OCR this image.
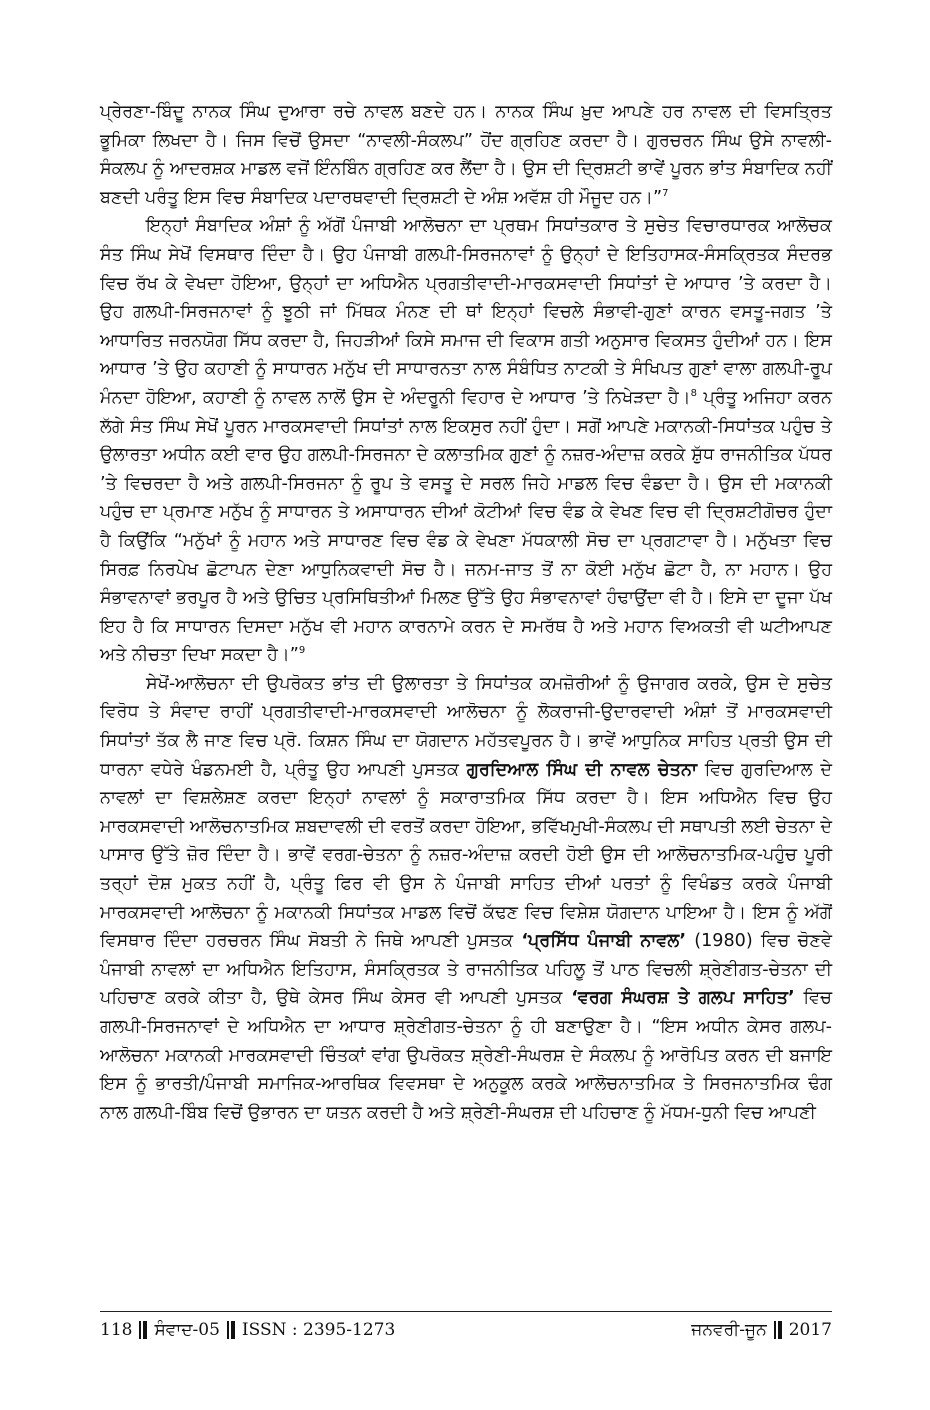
ਪ੍ਰੇਰਣਾ-ਬਿੰਦੂ ਨਾਨਕ ਸਿੰਘ ਦੁਆਰਾ ਰਚੇ ਨਾਵਲ ਬਣਦੇ ਹਨ। ਨਾਨਕ ਸਿੰਘ ਖ਼ੁਦ ਆਪਣੇ ਹਰ ਨਾਵਲ ਦੀ ਵਿਸਤ੍ਰਿਤ ਭੂਮਿਕਾ ਲਿਖਦਾ ਹੈ। ਜਿਸ ਵਿਚੋਂ ਉਸਦਾ “ਨਾਵਲੀ-ਸੰਕਲਪ” ਹੋਂਦ ਗ੍ਰਹਿਣ ਕਰਦਾ ਹੈ। ਗੁਰਚਰਨ ਸਿੰਘ ਉਸੇ ਨਾਵਲੀ-ਸੰਕਲਪ ਨੂੰ ਆਦਰਸ਼ਕ ਮਾਡਲ ਵਜੋਂ ਇੰਨਬਿੰਨ ਗ੍ਰਹਿਣ ਕਰ ਲੈਂਦਾ ਹੈ। ਉਸ ਦੀ ਦ੍ਰਿਸ਼ਟੀ ਭਾਵੇਂ ਪੂਰਨ ਭਾਂਤ ਸੰਬਾਦਿਕ ਨਹੀਂ ਬਣਦੀ ਪਰੰਤੂ ਇਸ ਵਿਚ ਸੰਬਾਦਿਕ ਪਦਾਰਥਵਾਦੀ ਦ੍ਰਿਸ਼ਟੀ ਦੇ ਅੰਸ਼ ਅਵੱਸ਼ ਹੀ ਮੌਜੂਦ ਹਨ।”$^7$

ਇਨ੍ਹਾਂ ਸੰਬਾਦਿਕ ਅੰਸ਼ਾਂ ਨੂੰ ਅੱਗੋਂ ਪੰਜਾਬੀ ਆਲੋਚਨਾ ਦਾ ਪ੍ਰਥਮ ਸਿਧਾਂਤਕਾਰ ਤੇ ਸੁਚੇਤ ਵਿਚਾਰਧਾਰਕ ਆਲੋਚਕ ਸੰਤ ਸਿੰਘ ਸੇਖੋਂ ਵਿਸਥਾਰ ਦਿੰਦਾ ਹੈ। ਉਹ ਪੰਜਾਬੀ ਗਲਪੀ-ਸਿਰਜਨਾਵਾਂ ਨੂੰ ਉਨ੍ਹਾਂ ਦੇ ਇਤਿਹਾਸਕ-ਸੰਸਕ੍ਰਿਤਕ ਸੰਦਰਭ ਵਿਚ ਰੱਖ ਕੇ ਵੇਖਦਾ ਹੋਇਆ, ਉਨ੍ਹਾਂ ਦਾ ਅਧਿਐਨ ਪ੍ਰਗਤੀਵਾਦੀ-ਮਾਰਕਸਵਾਦੀ ਸਿਧਾਂਤਾਂ ਦੇ ਆਧਾਰ ’ਤੇ ਕਰਦਾ ਹੈ। ਉਹ ਗਲਪੀ-ਸਿਰਜਨਾਵਾਂ ਨੂੰ ਝੂਠੀ ਜਾਂ ਮਿੱਥਕ ਮੰਨਣ ਦੀ ਥਾਂ ਇਨ੍ਹਾਂ ਵਿਚਲੇ ਸੰਭਾਵੀ-ਗੁਣਾਂ ਕਾਰਨ ਵਸਤੂ-ਜਗਤ ’ਤੇ ਆਧਾਰਿਤ ਜਰਨਯੋਗ ਸਿੱਧ ਕਰਦਾ ਹੈ, ਜਿਹੜੀਆਂ ਕਿਸੇ ਸਮਾਜ ਦੀ ਵਿਕਾਸ ਗਤੀ ਅਨੁਸਾਰ ਵਿਕਸਤ ਹੁੰਦੀਆਂ ਹਨ। ਇਸ ਆਧਾਰ ’ਤੇ ਉਹ ਕਹਾਣੀ ਨੂੰ ਸਾਧਾਰਨ ਮਨੁੱਖ ਦੀ ਸਾਧਾਰਨਤਾ ਨਾਲ ਸੰਬੰਧਿਤ ਨਾਟਕੀ ਤੇ ਸੰਖਿਪਤ ਗੁਣਾਂ ਵਾਲਾ ਗਲਪੀ-ਰੂਪ ਮੰਨਦਾ ਹੋਇਆ, ਕਹਾਣੀ ਨੂੰ ਨਾਵਲ ਨਾਲੋਂ ਉਸ ਦੇ ਅੰਦਰੂਨੀ ਵਿਹਾਰ ਦੇ ਆਧਾਰ ’ਤੇ ਨਿਖੇੜਦਾ ਹੈ।$^8$ ਪ੍ਰੰਤੂ ਅਜਿਹਾ ਕਰਨ ਲੱਗੇ ਸੰਤ ਸਿੰਘ ਸੇਖੋਂ ਪੂਰਨ ਮਾਰਕਸਵਾਦੀ ਸਿਧਾਂਤਾਂ ਨਾਲ ਇਕਸੁਰ ਨਹੀਂ ਹੁੰਦਾ। ਸਗੋਂ ਆਪਣੇ ਮਕਾਨਕੀ-ਸਿਧਾਂਤਕ ਪਹੁੰਚ ਤੇ ਉਲਾਰਤਾ ਅਧੀਨ ਕਈ ਵਾਰ ਉਹ ਗਲਪੀ-ਸਿਰਜਨਾ ਦੇ ਕਲਾਤਮਿਕ ਗੁਣਾਂ ਨੂੰ ਨਜ਼ਰ-ਅੰਦਾਜ਼ ਕਰਕੇ ਸ਼ੁੱਧ ਰਾਜਨੀਤਿਕ ਪੱਧਰ ’ਤੇ ਵਿਚਰਦਾ ਹੈ ਅਤੇ ਗਲਪੀ-ਸਿਰਜਨਾ ਨੂੰ ਰੂਪ ਤੇ ਵਸਤੂ ਦੇ ਸਰਲ ਜਿਹੇ ਮਾਡਲ ਵਿਚ ਵੰਡਦਾ ਹੈ। ਉਸ ਦੀ ਮਕਾਨਕੀ ਪਹੁੰਚ ਦਾ ਪ੍ਰਮਾਣ ਮਨੁੱਖ ਨੂੰ ਸਾਧਾਰਨ ਤੇ ਅਸਾਧਾਰਨ ਦੀਆਂ ਕੋਟੀਆਂ ਵਿਚ ਵੰਡ ਕੇ ਵੇਖਣ ਵਿਚ ਵੀ ਦ੍ਰਿਸ਼ਟੀਗੋਚਰ ਹੁੰਦਾ ਹੈ ਕਿਉਂਕਿ “ਮਨੁੱਖਾਂ ਨੂੰ ਮਹਾਨ ਅਤੇ ਸਾਧਾਰਣ ਵਿਚ ਵੰਡ ਕੇ ਵੇਖਣਾ ਮੱਧਕਾਲੀ ਸੋਚ ਦਾ ਪ੍ਰਗਟਾਵਾ ਹੈ। ਮਨੁੱਖਤਾ ਵਿਚ ਸਿਰਫ਼ ਨਿਰਪੇਖ ਛੋਟਾਪਨ ਦੇਣਾ ਆਧੁਨਿਕਵਾਦੀ ਸੋਚ ਹੈ। ਜਨਮ-ਜਾਤ ਤੋਂ ਨਾ ਕੋਈ ਮਨੁੱਖ ਛੋਟਾ ਹੈ, ਨਾ ਮਹਾਨ। ਉਹ ਸੰਭਾਵਨਾਵਾਂ ਭਰਪੂਰ ਹੈ ਅਤੇ ਉਚਿਤ ਪ੍ਰਸਿਥਿਤੀਆਂ ਮਿਲਣ ਉੱਤੇ ਉਹ ਸੰਭਾਵਨਾਵਾਂ ਹੰਢਾਉਂਦਾ ਵੀ ਹੈ। ਇਸੇ ਦਾ ਦੂਜਾ ਪੱਖ ਇਹ ਹੈ ਕਿ ਸਾਧਾਰਨ ਦਿਸਦਾ ਮਨੁੱਖ ਵੀ ਮਹਾਨ ਕਾਰਨਾਮੇ ਕਰਨ ਦੇ ਸਮਰੱਥ ਹੈ ਅਤੇ ਮਹਾਨ ਵਿਅਕਤੀ ਵੀ ਘਟੀਆਪਣ ਅਤੇ ਨੀਚਤਾ ਦਿਖਾ ਸਕਦਾ ਹੈ।”$^9$

ਸੇਖੋਂ-ਆਲੋਚਨਾ ਦੀ ਉਪਰੋਕਤ ਭਾਂਤ ਦੀ ਉਲਾਰਤਾ ਤੇ ਸਿਧਾਂਤਕ ਕਮਜ਼ੋਰੀਆਂ ਨੂੰ ਉਜਾਗਰ ਕਰਕੇ, ਉਸ ਦੇ ਸੁਚੇਤ ਵਿਰੋਧ ਤੇ ਸੰਵਾਦ ਰਾਹੀਂ ਪ੍ਰਗਤੀਵਾਦੀ-ਮਾਰਕਸਵਾਦੀ ਆਲੋਚਨਾ ਨੂੰ ਲੋਕਰਾਜੀ-ਉਦਾਰਵਾਦੀ ਅੰਸ਼ਾਂ ਤੋਂ ਮਾਰਕਸਵਾਦੀ ਸਿਧਾਂਤਾਂ ਤੱਕ ਲੈ ਜਾਣ ਵਿਚ ਪ੍ਰੋ. ਕਿਸ਼ਨ ਸਿੰਘ ਦਾ ਯੋਗਦਾਨ ਮਹੱਤਵਪੂਰਨ ਹੈ। ਭਾਵੇਂ ਆਧੁਨਿਕ ਸਾਹਿਤ ਪ੍ਰਤੀ ਉਸ ਦੀ ਧਾਰਨਾ ਵਧੇਰੇ ਖੰਡਨਮਈ ਹੈ, ਪ੍ਰੰਤੂ ਉਹ ਆਪਣੀ ਪੁਸਤਕ ਗੁਰਦਿਆਲ ਸਿੰਘ ਦੀ ਨਾਵਲ ਚੇਤਨਾ ਵਿਚ ਗੁਰਦਿਆਲ ਦੇ ਨਾਵਲਾਂ ਦਾ ਵਿਸ਼ਲੇਸ਼ਣ ਕਰਦਾ ਇਨ੍ਹਾਂ ਨਾਵਲਾਂ ਨੂੰ ਸਕਾਰਾਤਮਿਕ ਸਿੱਧ ਕਰਦਾ ਹੈ। ਇਸ ਅਧਿਐਨ ਵਿਚ ਉਹ ਮਾਰਕਸਵਾਦੀ ਆਲੋਚਨਾਤਮਿਕ ਸ਼ਬਦਾਵਲੀ ਦੀ ਵਰਤੋਂ ਕਰਦਾ ਹੋਇਆ, ਭਵਿੱਖਮੁਖੀ-ਸੰਕਲਪ ਦੀ ਸਥਾਪਤੀ ਲਈ ਚੇਤਨਾ ਦੇ ਪਾਸਾਰ ਉੱਤੇ ਜ਼ੋਰ ਦਿੰਦਾ ਹੈ। ਭਾਵੇਂ ਵਰਗ-ਚੇਤਨਾ ਨੂੰ ਨਜ਼ਰ-ਅੰਦਾਜ਼ ਕਰਦੀ ਹੋਈ ਉਸ ਦੀ ਆਲੋਚਨਾਤਮਿਕ-ਪਹੁੰਚ ਪੂਰੀ ਤਰ੍ਹਾਂ ਦੋਸ਼ ਮੁਕਤ ਨਹੀਂ ਹੈ, ਪ੍ਰੰਤੂ ਫਿਰ ਵੀ ਉਸ ਨੇ ਪੰਜਾਬੀ ਸਾਹਿਤ ਦੀਆਂ ਪਰਤਾਂ ਨੂੰ ਵਿਖੰਡਤ ਕਰਕੇ ਪੰਜਾਬੀ ਮਾਰਕਸਵਾਦੀ ਆਲੋਚਨਾ ਨੂੰ ਮਕਾਨਕੀ ਸਿਧਾਂਤਕ ਮਾਡਲ ਵਿਚੋਂ ਕੱਢਣ ਵਿਚ ਵਿਸ਼ੇਸ਼ ਯੋਗਦਾਨ ਪਾਇਆ ਹੈ। ਇਸ ਨੂੰ ਅੱਗੋਂ ਵਿਸਥਾਰ ਦਿੰਦਾ ਹਰਚਰਨ ਸਿੰਘ ਸੋਬਤੀ ਨੇ ਜਿਥੇ ਆਪਣੀ ਪੁਸਤਕ ‘ਪ੍ਰਸਿੱਧ ਪੰਜਾਬੀ ਨਾਵਲ’ (1980) ਵਿਚ ਚੋਣਵੇ ਪੰਜਾਬੀ ਨਾਵਲਾਂ ਦਾ ਅਧਿਐਨ ਇਤਿਹਾਸ, ਸੰਸਕ੍ਰਿਤਕ ਤੇ ਰਾਜਨੀਤਿਕ ਪਹਿਲੂ ਤੋਂ ਪਾਠ ਵਿਚਲੀ ਸ਼੍ਰੇਣੀਗਤ-ਚੇਤਨਾ ਦੀ ਪਹਿਚਾਣ ਕਰਕੇ ਕੀਤਾ ਹੈ, ਉਥੇ ਕੇਸਰ ਸਿੰਘ ਕੇਸਰ ਵੀ ਆਪਣੀ ਪੁਸਤਕ ‘ਵਰਗ ਸੰਘਰਸ਼ ਤੇ ਗਲਪ ਸਾਹਿਤ’ ਵਿਚ ਗਲਪੀ-ਸਿਰਜਨਾਵਾਂ ਦੇ ਅਧਿਐਨ ਦਾ ਆਧਾਰ ਸ਼੍ਰੇਣੀਗਤ-ਚੇਤਨਾ ਨੂੰ ਹੀ ਬਣਾਉਣਾ ਹੈ। “ਇਸ ਅਧੀਨ ਕੇਸਰ ਗਲਪ-ਆਲੋਚਨਾ ਮਕਾਨਕੀ ਮਾਰਕਸਵਾਦੀ ਚਿੰਤਕਾਂ ਵਾਂਗ ਉਪਰੋਕਤ ਸ਼੍ਰੇਣੀ-ਸੰਘਰਸ਼ ਦੇ ਸੰਕਲਪ ਨੂੰ ਆਰੋਪਿਤ ਕਰਨ ਦੀ ਬਜਾਇ ਇਸ ਨੂੰ ਭਾਰਤੀ/ਪੰਜਾਬੀ ਸਮਾਜਿਕ-ਆਰਥਿਕ ਵਿਵਸਥਾ ਦੇ ਅਨੁਕੂਲ ਕਰਕੇ ਆਲੋਚਨਾਤਮਿਕ ਤੇ ਸਿਰਜਨਾਤਮਿਕ ਢੰਗ ਨਾਲ ਗਲਪੀ-ਬਿੰਬ ਵਿਚੋਂ ਉਭਾਰਨ ਦਾ ਯਤਨ ਕਰਦੀ ਹੈ ਅਤੇ ਸ਼੍ਰੇਣੀ-ਸੰਘਰਸ਼ ਦੀ ਪਹਿਚਾਣ ਨੂੰ ਮੱਧਮ-ਧੁਨੀ ਵਿਚ ਆਪਣੀ

118 ਸੰਵਾਦ-05 ISSN : 2395-1273	ਜਨਵਰੀ-ਜੂਨ 2017
